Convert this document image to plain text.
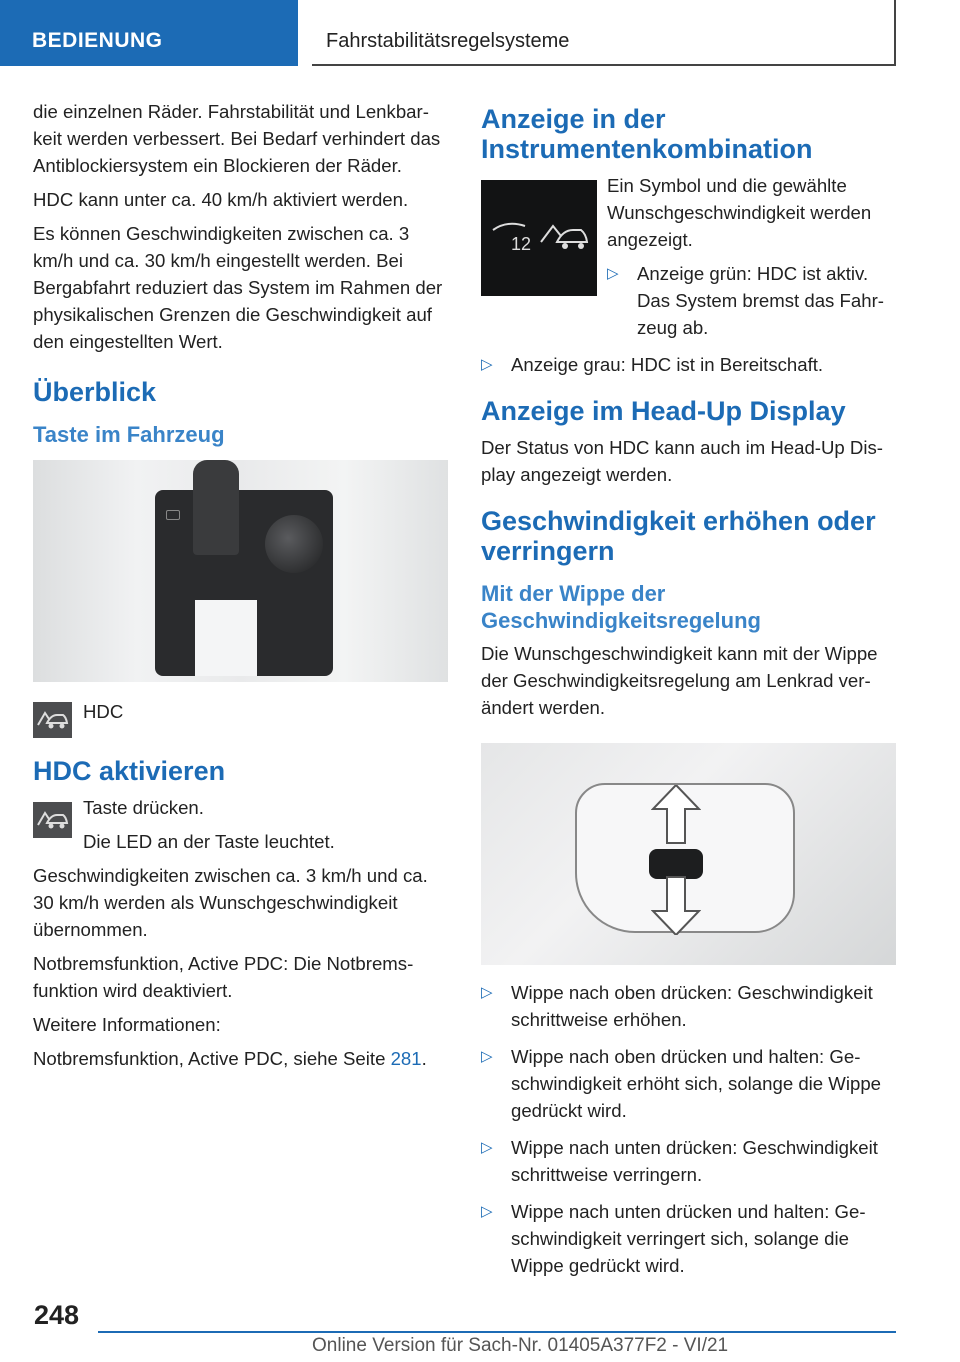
BEDIENUNG	Fahrstabilitätsregelsysteme

die einzelnen Räder. Fahrstabilität und Lenkbarkeit werden verbessert. Bei Bedarf verhindert das Antiblockiersystem ein Blockieren der Räder.

HDC kann unter ca. 40 km/h aktiviert werden.

Es können Geschwindigkeiten zwischen ca. 3 km/h und ca. 30 km/h eingestellt werden. Bei Bergabfahrt reduziert das System im Rahmen der physikalischen Grenzen die Geschwindigkeit auf den eingestellten Wert.

Überblick
Taste im Fahrzeug
HDC
HDC aktivieren

Taste drücken.

Die LED an der Taste leuchtet.

Geschwindigkeiten zwischen ca. 3 km/h und ca. 30 km/h werden als Wunschgeschwindigkeit übernommen.

Notbremsfunktion, Active PDC: Die Notbremsfunktion wird deaktiviert.

Weitere Informationen:

Notbremsfunktion, Active PDC, siehe Seite 281.

Anzeige in der Instrumentenkombination
12

Ein Symbol und die gewählte Wunschgeschwindigkeit werden angezeigt.

▷ Anzeige grün: HDC ist aktiv. Das System bremst das Fahrzeug ab.
▷ Anzeige grau: HDC ist in Bereitschaft.
Anzeige im Head-Up Display

Der Status von HDC kann auch im Head-Up Display angezeigt werden.

Geschwindigkeit erhöhen oder verringern
Mit der Wippe der Geschwindigkeitsregelung

Die Wunschgeschwindigkeit kann mit der Wippe der Geschwindigkeitsregelung am Lenkrad verändert werden.

▷ Wippe nach oben drücken: Geschwindigkeit schrittweise erhöhen.
▷ Wippe nach oben drücken und halten: Geschwindigkeit erhöht sich, solange die Wippe gedrückt wird.
▷ Wippe nach unten drücken: Geschwindigkeit schrittweise verringern.
▷ Wippe nach unten drücken und halten: Geschwindigkeit verringert sich, solange die Wippe gedrückt wird.
248
Online Version für Sach-Nr. 01405A377F2 - VI/21
